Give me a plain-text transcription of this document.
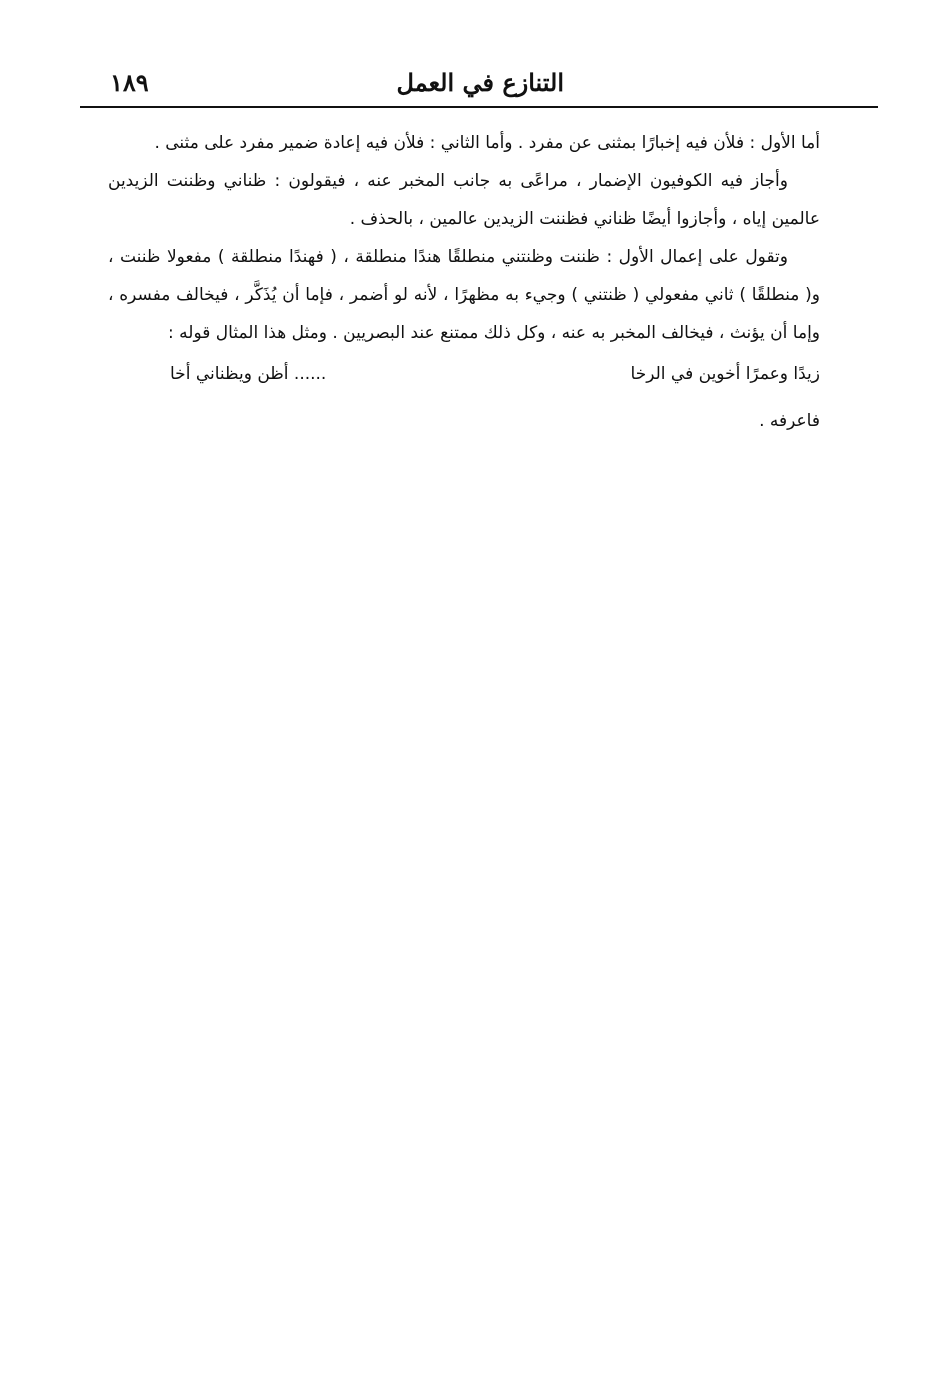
التنازع في العمل
١٨٩

أما الأول : فلأن فيه إخبارًا بمثنى عن مفرد . وأما الثاني : فلأن فيه إعادة ضمير مفرد على مثنى .

وأجاز فيه الكوفيون الإضمار ، مراعًى به جانب المخبر عنه ، فيقولون : ظناني وظننت الزيدين عالمين إياه ، وأجازوا أيضًا ظناني فظننت الزيدين عالمين ، بالحذف .

وتقول على إعمال الأول : ظننت وظنتني منطلقًا هندًا منطلقة ، ( فهندًا منطلقة ) مفعولا ظننت ، و( منطلقًا ) ثاني مفعولي ( ظنتني ) وجيء به مظهرًا ، لأنه لو أضمر ، فإما أن يُذَكَّر ، فيخالف مفسره ، وإما أن يؤنث ، فيخالف المخبر به عنه ، وكل ذلك ممتنع عند البصريين . ومثل هذا المثال قوله :

زيدًا وعمرًا أخوين في الرخا
...... أظن ويظناني أخا

فاعرفه .
